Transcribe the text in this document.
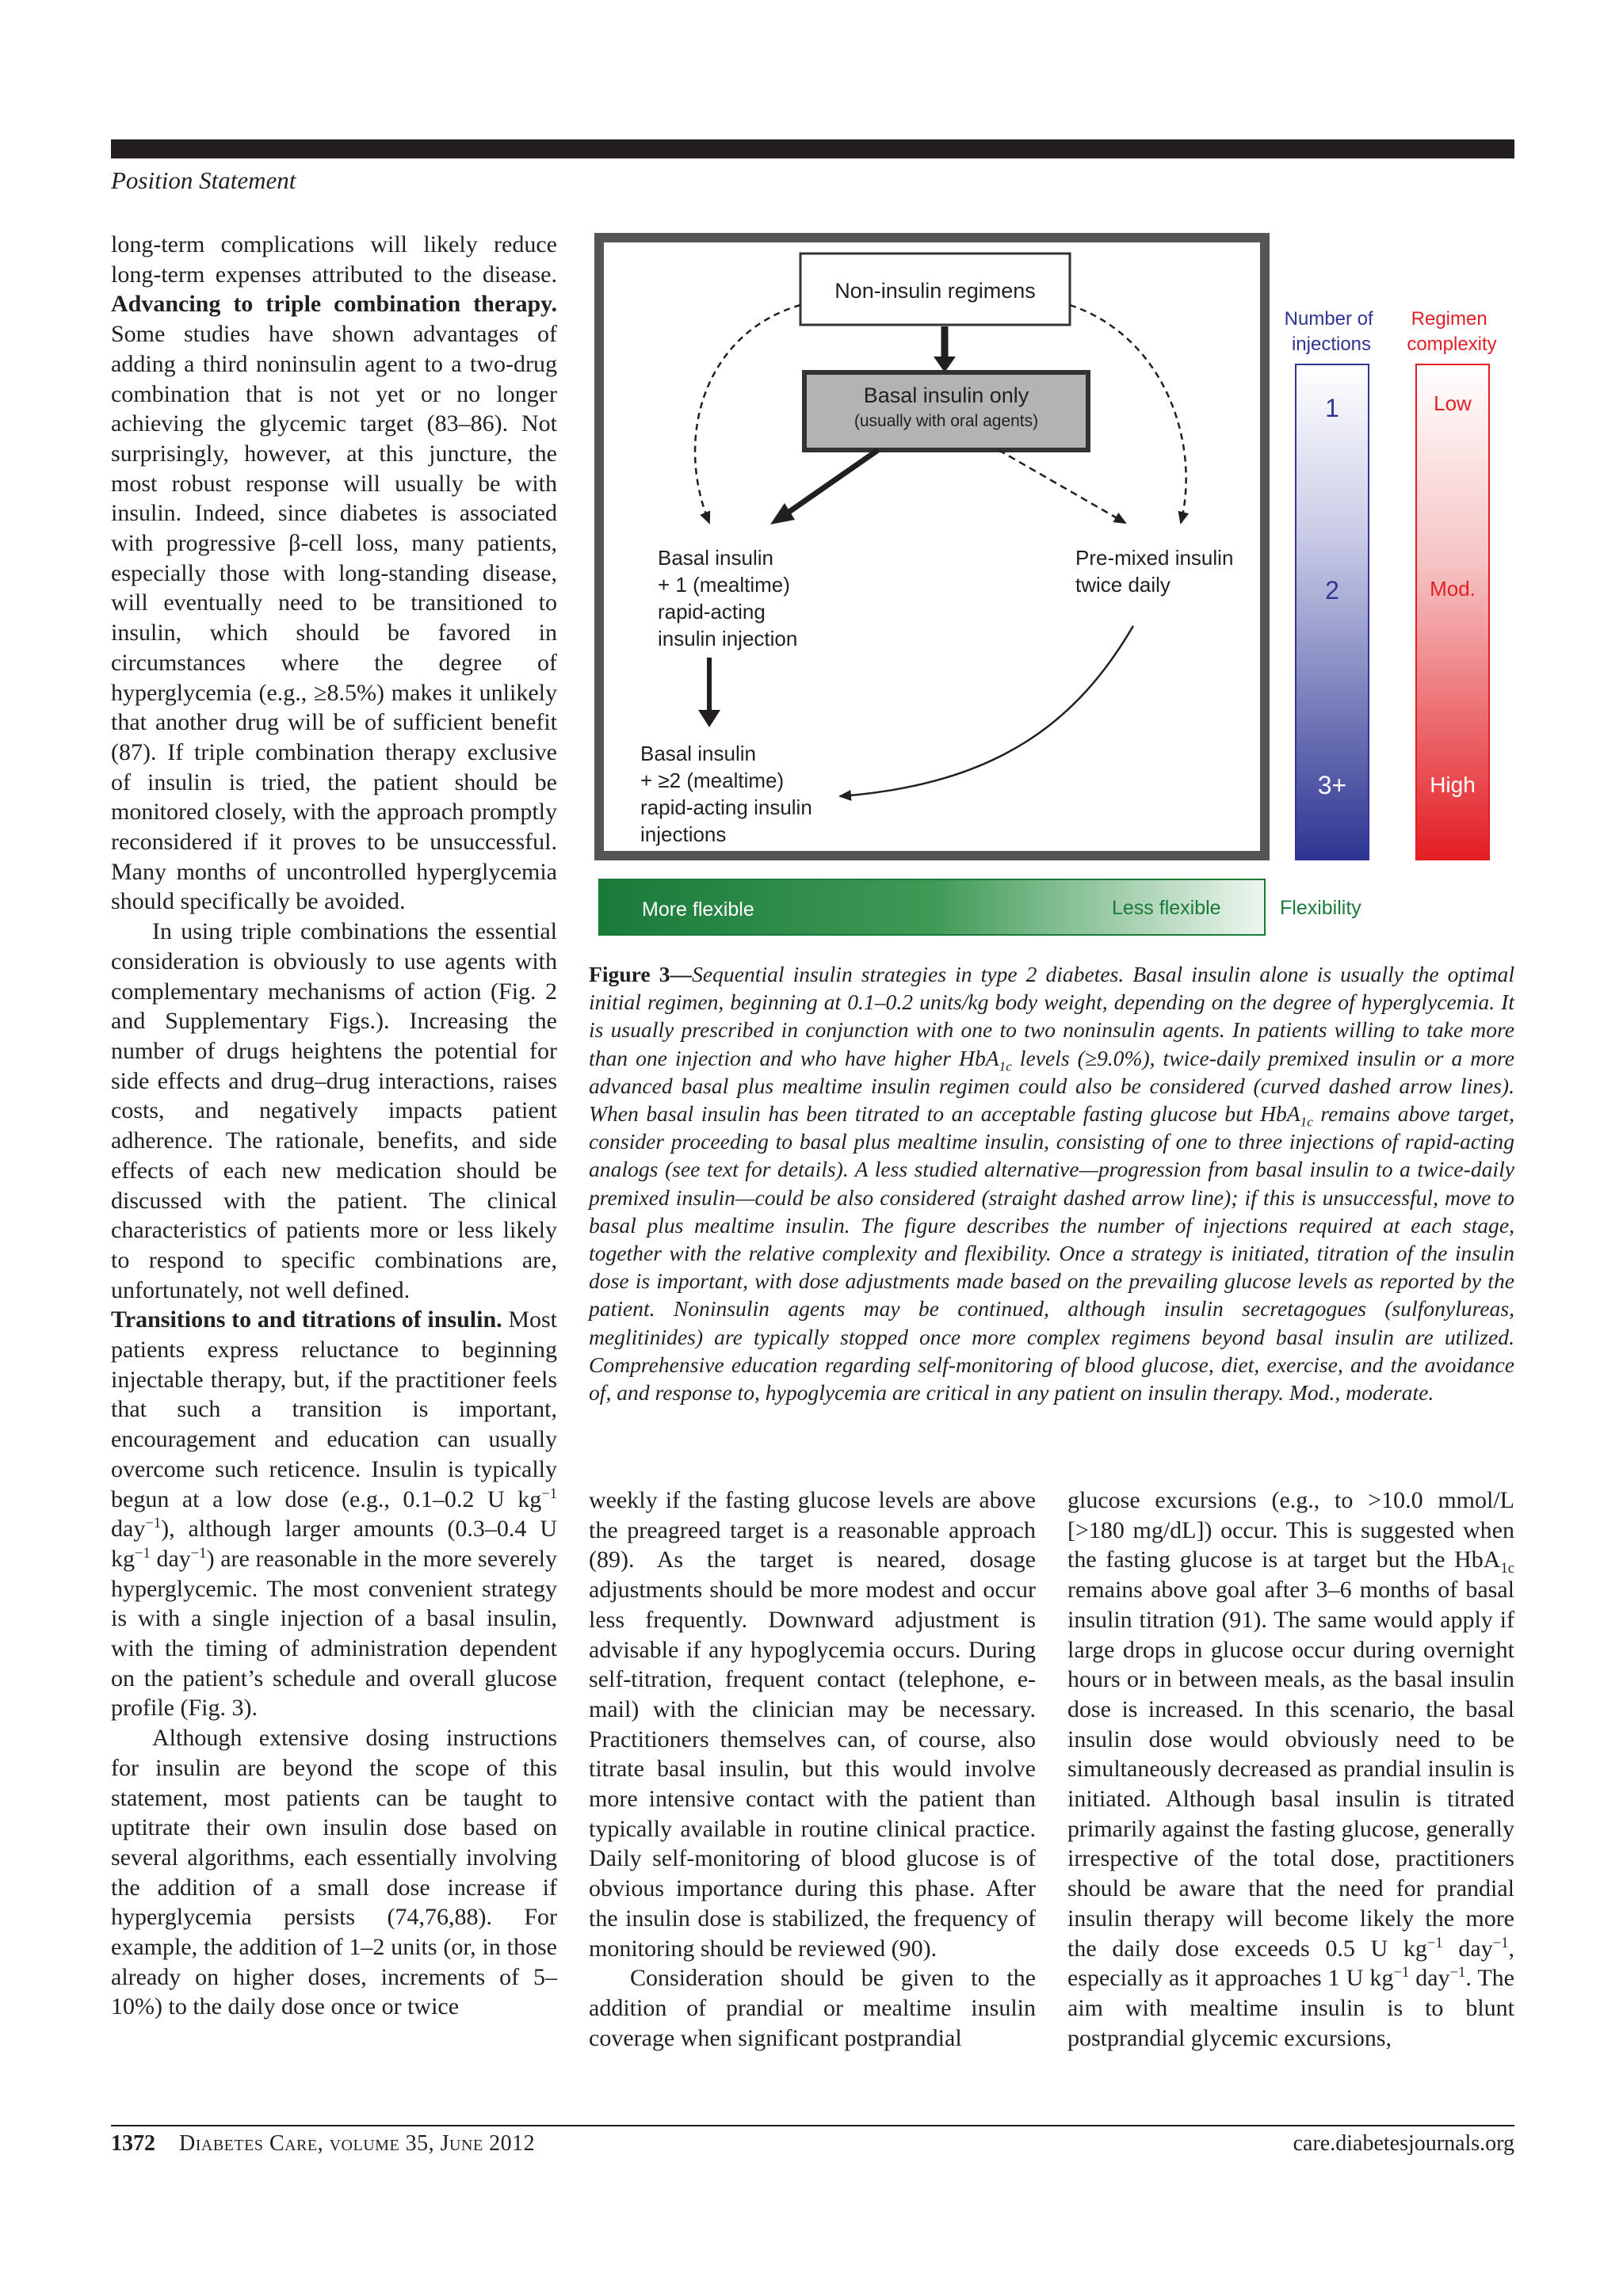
Position Statement

long-term complications will likely reduce long-term expenses attributed to the disease. Advancing to triple combination therapy. Some studies have shown advantages of adding a third noninsulin agent to a two-drug combination that is not yet or no longer achieving the glycemic target (83–86). Not surprisingly, however, at this juncture, the most robust response will usually be with insulin. Indeed, since diabetes is associated with progressive β-cell loss, many patients, especially those with long-standing disease, will eventually need to be transitioned to insulin, which should be favored in circumstances where the degree of hyperglycemia (e.g., ≥8.5%) makes it unlikely that another drug will be of sufficient benefit (87). If triple combination therapy exclusive of insulin is tried, the patient should be monitored closely, with the approach promptly reconsidered if it proves to be unsuccessful. Many months of uncontrolled hyperglycemia should specifically be avoided.

In using triple combinations the essential consideration is obviously to use agents with complementary mechanisms of action (Fig. 2 and Supplementary Figs.). Increasing the number of drugs heightens the potential for side effects and drug–drug interactions, raises costs, and negatively impacts patient adherence. The rationale, benefits, and side effects of each new medication should be discussed with the patient. The clinical characteristics of patients more or less likely to respond to specific combinations are, unfortunately, not well defined.

Transitions to and titrations of insulin. Most patients express reluctance to beginning injectable therapy, but, if the practitioner feels that such a transition is important, encouragement and education can usually overcome such reticence. Insulin is typically begun at a low dose (e.g., 0.1–0.2 U $kg^{-1}$ day$^{-1}$), although larger amounts (0.3–0.4 U $kg^{-1}$ day$^{-1}$) are reasonable in the more severely hyperglycemic. The most convenient strategy is with a single injection of a basal insulin, with the timing of administration dependent on the patient’s schedule and overall glucose profile (Fig. 3).

Although extensive dosing instructions for insulin are beyond the scope of this statement, most patients can be taught to uptitrate their own insulin dose based on several algorithms, each essentially involving the addition of a small dose increase if hyperglycemia persists (74,76,88). For example, the addition of 1–2 units (or, in those already on higher doses, increments of 5–10%) to the daily dose once or twice

Non-insulin regimens
Basal insulin only
(usually with oral agents)
Basal insulin + 1 (mealtime) rapid-acting insulin injection
Pre-mixed insulin twice daily
Basal insulin + ≥2 (mealtime) rapid-acting insulin injections
Number of injections
1
2
3+
Regimen complexity
Low
Mod.
High
More flexible	Less flexible	Flexibility
Figure 3—Sequential insulin strategies in type 2 diabetes. Basal insulin alone is usually the optimal initial regimen, beginning at 0.1–0.2 units/kg body weight, depending on the degree of hyperglycemia. It is usually prescribed in conjunction with one to two noninsulin agents. In patients willing to take more than one injection and who have higher HbA$_{1c}$ levels (≥9.0%), twice-daily premixed insulin or a more advanced basal plus mealtime insulin regimen could also be considered (curved dashed arrow lines). When basal insulin has been titrated to an acceptable fasting glucose but HbA$_{1c}$ remains above target, consider proceeding to basal plus mealtime insulin, consisting of one to three injections of rapid-acting analogs (see text for details). A less studied alternative—progression from basal insulin to a twice-daily premixed insulin—could be also considered (straight dashed arrow line); if this is unsuccessful, move to basal plus mealtime insulin. The figure describes the number of injections required at each stage, together with the relative complexity and flexibility. Once a strategy is initiated, titration of the insulin dose is important, with dose adjustments made based on the prevailing glucose levels as reported by the patient. Noninsulin agents may be continued, although insulin secretagogues (sulfonylureas, meglitinides) are typically stopped once more complex regimens beyond basal insulin are utilized. Comprehensive education regarding self-monitoring of blood glucose, diet, exercise, and the avoidance of, and response to, hypoglycemia are critical in any patient on insulin therapy. Mod., moderate.

weekly if the fasting glucose levels are above the preagreed target is a reasonable approach (89). As the target is neared, dosage adjustments should be more modest and occur less frequently. Downward adjustment is advisable if any hypoglycemia occurs. During self-titration, frequent contact (telephone, e-mail) with the clinician may be necessary. Practitioners themselves can, of course, also titrate basal insulin, but this would involve more intensive contact with the patient than typically available in routine clinical practice. Daily self-monitoring of blood glucose is of obvious importance during this phase. After the insulin dose is stabilized, the frequency of monitoring should be reviewed (90).

Consideration should be given to the addition of prandial or mealtime insulin coverage when significant postprandial

glucose excursions (e.g., to >10.0 mmol/L [>180 mg/dL]) occur. This is suggested when the fasting glucose is at target but the HbA$_{1c}$ remains above goal after 3–6 months of basal insulin titration (91). The same would apply if large drops in glucose occur during overnight hours or in between meals, as the basal insulin dose is increased. In this scenario, the basal insulin dose would obviously need to be simultaneously decreased as prandial insulin is initiated. Although basal insulin is titrated primarily against the fasting glucose, generally irrespective of the total dose, practitioners should be aware that the need for prandial insulin therapy will become likely the more the daily dose exceeds 0.5 U $kg^{-1}$ day$^{-1}$, especially as it approaches 1 U $kg^{-1}$ day$^{-1}$. The aim with mealtime insulin is to blunt postprandial glycemic excursions,

1372 Diabetes Care, volume 35, June 2012	care.diabetesjournals.org
